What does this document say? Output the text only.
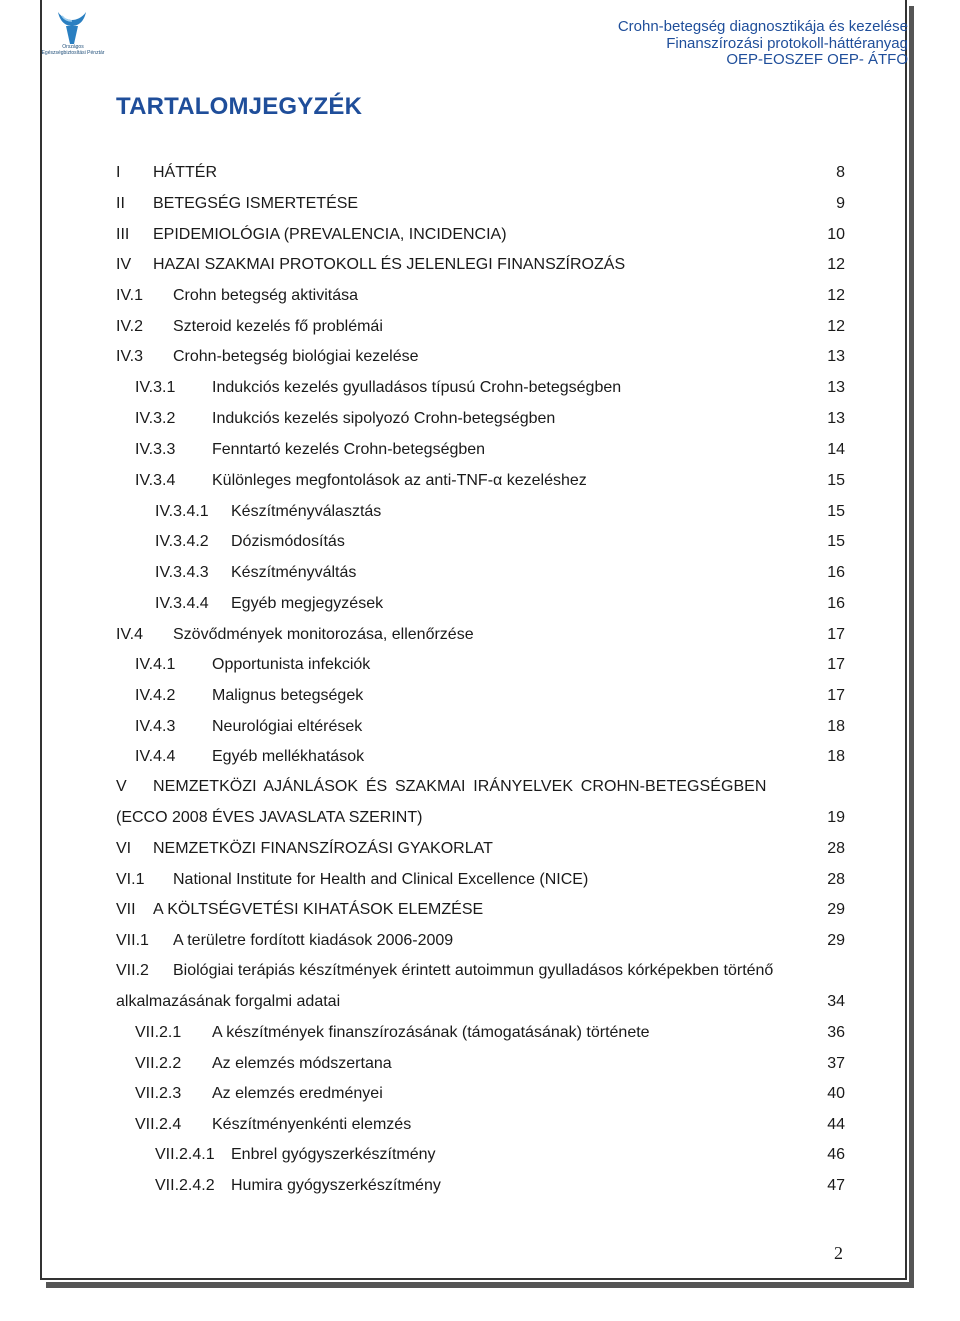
Országos Egészségbiztosítási Pénztár
Crohn-betegség diagnosztikája és kezelése
Finanszírozási protokoll-háttéranyag
OEP-EOSZEF OEP- ÁTFO
TARTALOMJEGYZÉK
I HÁTTÉR	8
II BETEGSÉG ISMERTETÉSE	9
III EPIDEMIOLÓGIA (PREVALENCIA, INCIDENCIA)	10
IV HAZAI SZAKMAI PROTOKOLL ÉS JELENLEGI FINANSZÍROZÁS	12
IV.1 Crohn betegség aktivitása	12
IV.2 Szteroid kezelés fő problémái	12
IV.3 Crohn-betegség biológiai kezelése	13
IV.3.1 Indukciós kezelés gyulladásos típusú Crohn-betegségben	13
IV.3.2 Indukciós kezelés sipolyozó Crohn-betegségben	13
IV.3.3 Fenntartó kezelés Crohn-betegségben	14
IV.3.4 Különleges megfontolások az anti-TNF-α kezeléshez	15
IV.3.4.1 Készítményválasztás	15
IV.3.4.2 Dózismódosítás	15
IV.3.4.3 Készítményváltás	16
IV.3.4.4 Egyéb megjegyzések	16
IV.4 Szövődmények monitorozása, ellenőrzése	17
IV.4.1 Opportunista infekciók	17
IV.4.2 Malignus betegségek	17
IV.4.3 Neurológiai eltérések	18
IV.4.4 Egyéb mellékhatások	18
V NEMZETKÖZI AJÁNLÁSOK ÉS SZAKMAI IRÁNYELVEK CROHN-BETEGSÉGBEN
(ECCO 2008 ÉVES JAVASLATA SZERINT)	19
VI NEMZETKÖZI FINANSZÍROZÁSI GYAKORLAT	28
VI.1 National Institute for Health and Clinical Excellence (NICE)	28
VII A KÖLTSÉGVETÉSI KIHATÁSOK ELEMZÉSE	29
VII.1 A területre fordított kiadások 2006-2009	29
VII.2 Biológiai terápiás készítmények érintett autoimmun gyulladásos kórképekben történő
alkalmazásának forgalmi adatai	34
VII.2.1 A készítmények finanszírozásának (támogatásának) története	36
VII.2.2 Az elemzés módszertana	37
VII.2.3 Az elemzés eredményei	40
VII.2.4 Készítményenkénti elemzés	44
VII.2.4.1 Enbrel gyógyszerkészítmény	46
VII.2.4.2 Humira gyógyszerkészítmény	47
2
